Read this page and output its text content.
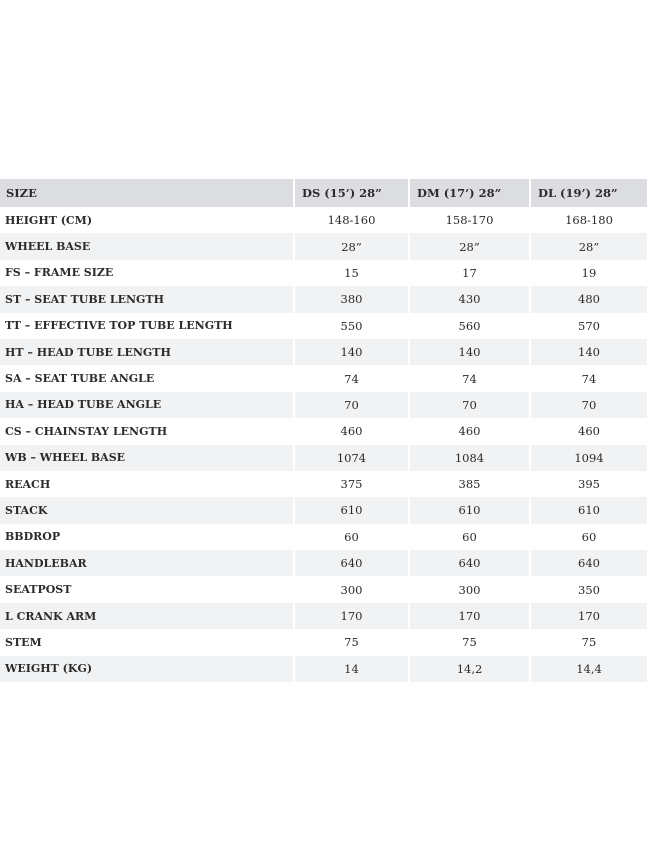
SIZE	DS (15’) 28”	DM (17’) 28”	DL (19’) 28”
HEIGHT (CM)	148-160	158-170	168-180
WHEEL BASE	28”	28”	28”
FS – FRAME SIZE	15	17	19
ST – SEAT TUBE LENGTH	380	430	480
TT – EFFECTIVE TOP TUBE LENGTH	550	560	570
HT – HEAD TUBE LENGTH	140	140	140
SA – SEAT TUBE ANGLE	74	74	74
HA – HEAD TUBE ANGLE	70	70	70
CS – CHAINSTAY LENGTH	460	460	460
WB – WHEEL BASE	1074	1084	1094
REACH	375	385	395
STACK	610	610	610
BBDROP	60	60	60
HANDLEBAR	640	640	640
SEATPOST	300	300	350
L CRANK ARM	170	170	170
STEM	75	75	75
WEIGHT (KG)	14	14,2	14,4
